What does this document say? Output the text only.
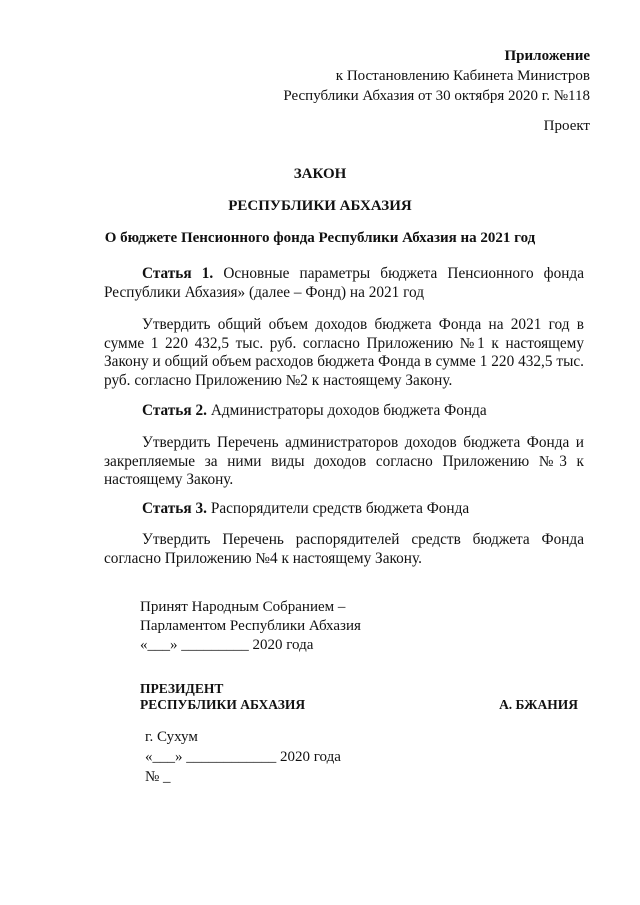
Приложение
к Постановлению Кабинета Министров
Республики Абхазия от 30 октября 2020 г. №118
Проект
ЗАКОН
РЕСПУБЛИКИ АБХАЗИЯ
О бюджете Пенсионного фонда Республики Абхазия на 2021 год
Статья 1. Основные параметры бюджета Пенсионного фонда Республики Абхазия» (далее – Фонд) на 2021 год
Утвердить общий объем доходов бюджета Фонда на 2021 год в сумме 1 220 432,5 тыс. руб. согласно Приложению №1 к настоящему Закону и общий объем расходов бюджета Фонда в сумме 1 220 432,5 тыс. руб. согласно Приложению №2 к настоящему Закону.
Статья 2. Администраторы доходов бюджета Фонда
Утвердить Перечень администраторов доходов бюджета Фонда и закрепляемые за ними виды доходов согласно Приложению №3 к настоящему Закону.
Статья 3. Распорядители средств бюджета Фонда
Утвердить Перечень распорядителей средств бюджета Фонда согласно Приложению №4 к настоящему Закону.
Принят Народным Собранием –
Парламентом Республики Абхазия
«___» _________ 2020 года
ПРЕЗИДЕНТ
РЕСПУБЛИКИ АБХАЗИЯ	А. БЖАНИЯ
г. Сухум
«___» ____________ 2020 года
№ _
